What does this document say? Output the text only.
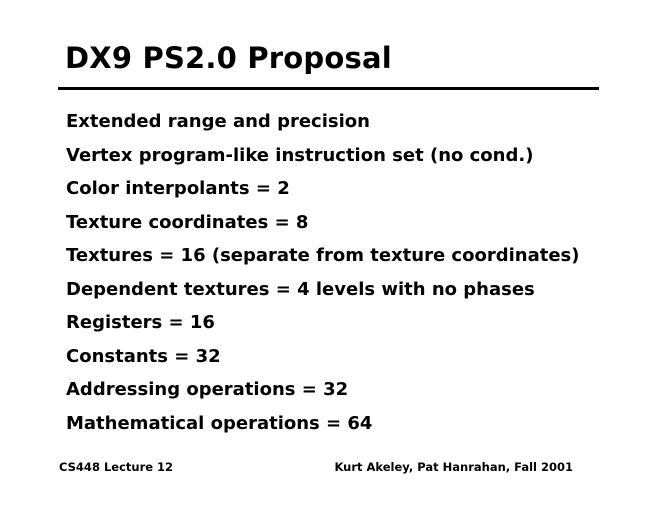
DX9 PS2.0 Proposal
Extended range and precision
Vertex program-like instruction set (no cond.)
Color interpolants = 2
Texture coordinates = 8
Textures = 16 (separate from texture coordinates)
Dependent textures = 4 levels with no phases
Registers = 16
Constants = 32
Addressing operations = 32
Mathematical operations = 64
CS448 Lecture 12	Kurt Akeley, Pat Hanrahan, Fall 2001
